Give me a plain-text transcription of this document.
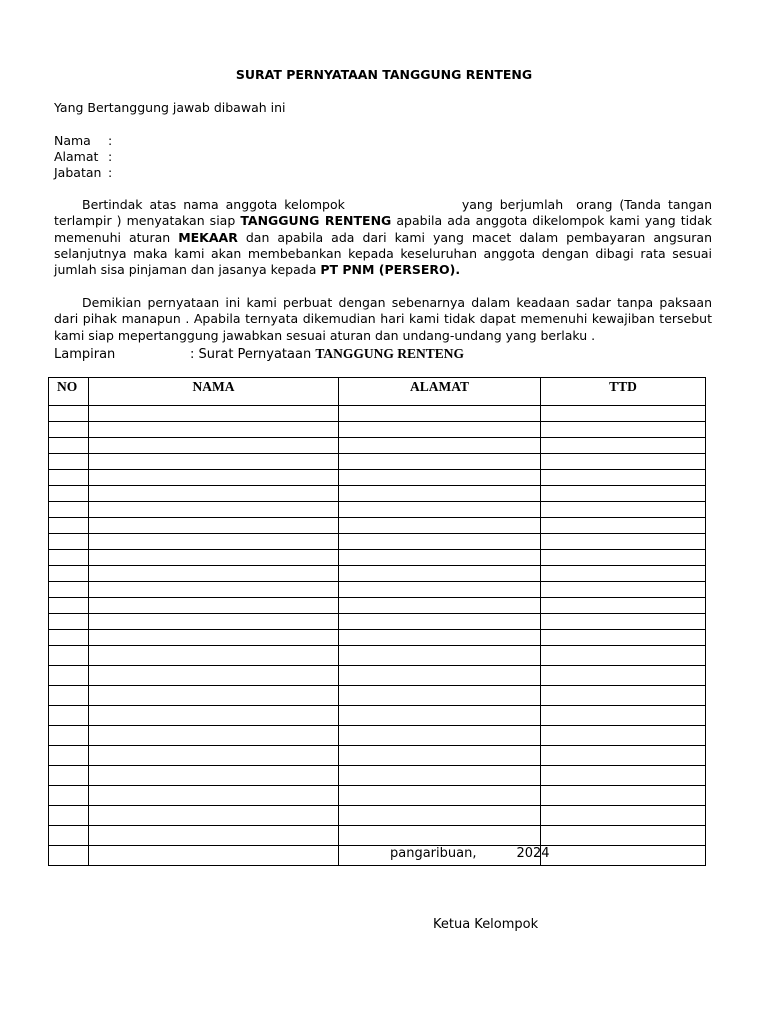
SURAT PERNYATAAN TANGGUNG RENTENG
Yang Bertanggung jawab dibawah ini
Nama :
Alamat :
Jabatan :

Bertindak atas nama anggota kelompok	yang berjumlah orang (Tanda tangan terlampir ) menyatakan siap TANGGUNG RENTENG apabila ada anggota dikelompok kami yang tidak memenuhi aturan MEKAAR dan apabila ada dari kami yang macet dalam pembayaran angsuran selanjutnya maka kami akan membebankan kepada keseluruhan anggota dengan dibagi rata sesuai jumlah sisa pinjaman dan jasanya kepada PT PNM (PERSERO).

Demikian pernyataan ini kami perbuat dengan sebenarnya dalam keadaan sadar tanpa paksaan dari pihak manapun . Apabila ternyata dikemudian hari kami tidak dapat memenuhi kewajiban tersebut kami siap mepertanggung jawabkan sesuai aturan dan undang-undang yang berlaku .

Lampiran	: Surat Pernyataan TANGGUNG RENTENG
NO	NAMA	ALAMAT	TTD

pangaribuan,	2024
Ketua Kelompok
